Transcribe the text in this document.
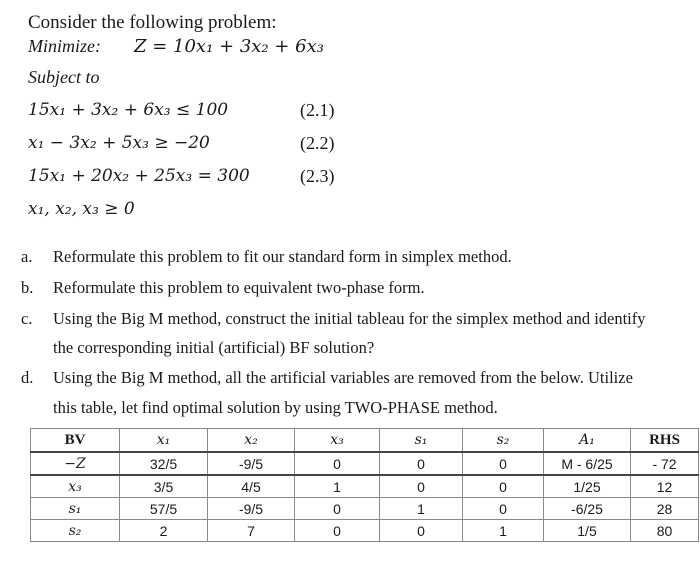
Consider the following problem:
Minimize: Z = 10x₁ + 3x₂ + 6x₃
Subject to
15x₁ + 3x₂ + 6x₃ ≤ 100	(2.1)
x₁ − 3x₂ + 5x₃ ≥ −20	(2.2)
15x₁ + 20x₂ + 25x₃ = 300	(2.3)
x₁, x₂, x₃ ≥ 0
a. Reformulate this problem to fit our standard form in simplex method.
b. Reformulate this problem to equivalent two-phase form.
c. Using the Big M method, construct the initial tableau for the simplex method and identify
the corresponding initial (artificial) BF solution?
d. Using the Big M method, all the artificial variables are removed from the below. Utilize
this table, let find optimal solution by using TWO-PHASE method.
BV	x₁	x₂	x₃	s₁	s₂	A₁	RHS
−Z	32/5	-9/5	0	0	0	M - 6/25	- 72
x₃	3/5	4/5	1	0	0	1/25	12
s₁	57/5	-9/5	0	1	0	-6/25	28
s₂	2	7	0	0	1	1/5	80
